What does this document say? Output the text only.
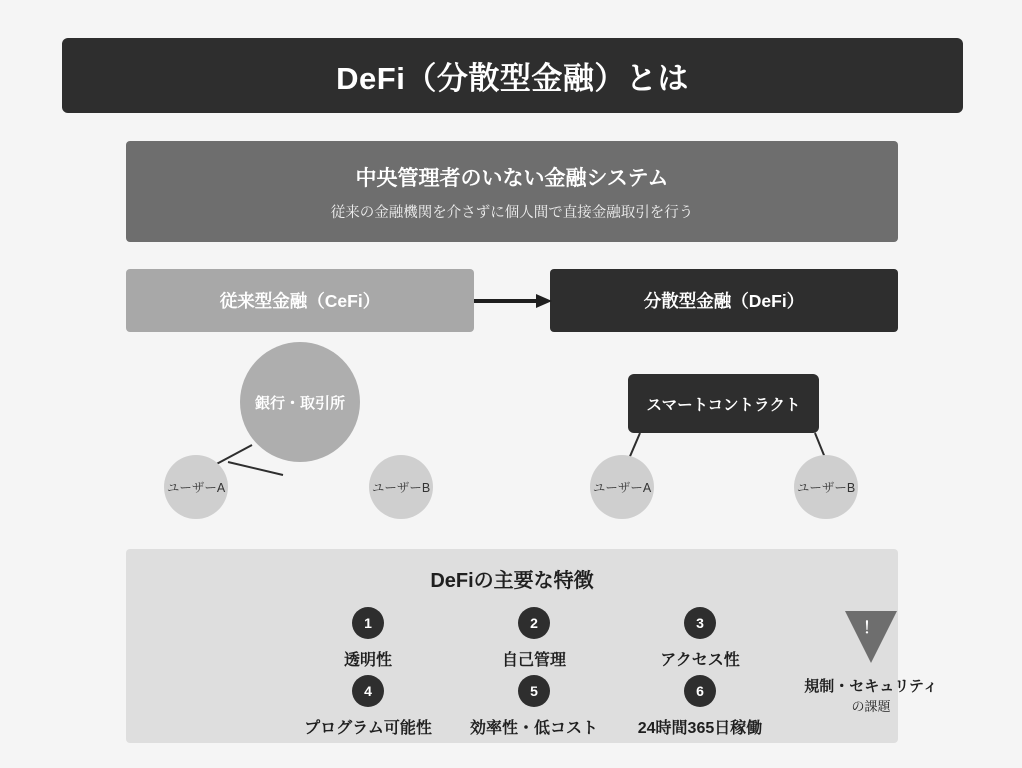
DeFi（分散型金融）とは
中央管理者のいない金融システム
従来の金融機関を介さずに個人間で直接金融取引を行う
従来型金融（CeFi）	分散型金融（DeFi）
銀行・取引所	スマートコントラクト
ユーザーA	ユーザーB	ユーザーA	ユーザーB
DeFiの主要な特徴
1
透明性
2
自己管理
3
アクセス性
4
プログラム可能性
5
効率性・低コスト
6
24時間365日稼働
！
規制・セキュリティ
の課題
